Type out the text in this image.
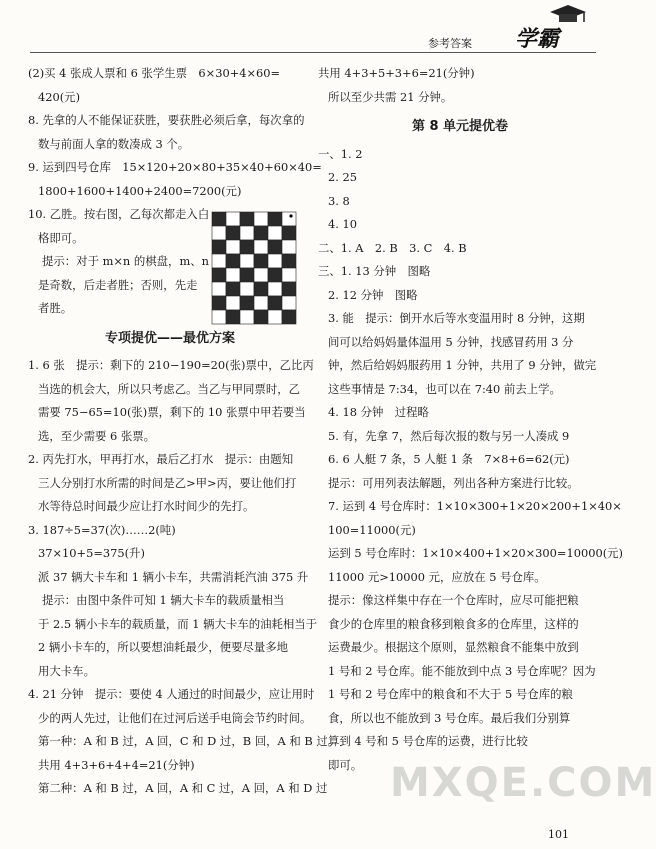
参考答案 学霸

(2)买 4 张成人票和 6 张学生票　6×30+4×60=

420(元)

8. 先拿的人不能保证获胜，要获胜必须后拿，每次拿的

数与前面人拿的数凑成 3 个。

9. 运到四号仓库　15×120+20×80+35×40+60×40=

1800+1600+1400+2400=7200(元)

10. 乙胜。按右图，乙每次都走入白

格即可。

提示：对于 m×n 的棋盘，m、n

是奇数，后走者胜；否则，先走

者胜。

专项提优——最优方案

1. 6 张　提示：剩下的 210−190=20(张)票中，乙比丙

当选的机会大，所以只考虑乙。当乙与甲同票时，乙

需要 75−65=10(张)票，剩下的 10 张票中甲若要当

选，至少需要 6 张票。

2. 丙先打水，甲再打水，最后乙打水　提示：由题知

三人分别打水所需的时间是乙>甲>丙，要让他们打

水等待总时间最少应让打水时间少的先打。

3. 187÷5=37(次)……2(吨)

37×10+5=375(升)

派 37 辆大卡车和 1 辆小卡车，共需消耗汽油 375 升

提示：由图中条件可知 1 辆大卡车的载质量相当

于 2.5 辆小卡车的载质量，而 1 辆大卡车的油耗相当于

2 辆小卡车的，所以要想油耗最少，便要尽量多地

用大卡车。

4. 21 分钟　提示：要使 4 人通过的时间最少，应让用时

少的两人先过，让他们在过河后送手电筒会节约时间。

第一种：A 和 B 过，A 回，C 和 D 过，B 回，A 和 B 过。

共用 4+3+6+4+4=21(分钟)

第二种：A 和 B 过，A 回，A 和 C 过，A 回，A 和 D 过

共用 4+3+5+3+6=21(分钟)

所以至少共需 21 分钟。

第 8 单元提优卷

一、1. 2

2. 25

3. 8

4. 10

二、1. A　2. B　3. C　4. B

三、1. 13 分钟　图略

2. 12 分钟　图略

3. 能　提示：倒开水后等水变温用时 8 分钟，这期

间可以给妈妈量体温用 5 分钟，找感冒药用 3 分

钟，然后给妈妈服药用 1 分钟，共用了 9 分钟，做完

这些事情是 7:34，也可以在 7:40 前去上学。

4. 18 分钟　过程略

5. 有，先拿 7，然后每次报的数与另一人凑成 9

6. 6 人艇 7 条，5 人艇 1 条　7×8+6=62(元)

提示：可用列表法解题，列出各种方案进行比较。

7. 运到 4 号仓库时：1×10×300+1×20×200+1×40×

100=11000(元)

运到 5 号仓库时：1×10×400+1×20×300=10000(元)

11000 元>10000 元，应放在 5 号仓库。

提示：像这样集中存在一个仓库时，应尽可能把粮

食少的仓库里的粮食移到粮食多的仓库里，这样的

运费最少。根据这个原则，显然粮食不能集中放到

1 号和 2 号仓库。能不能放到中点 3 号仓库呢？因为

1 号和 2 号仓库中的粮食和不大于 5 号仓库的粮

食，所以也不能放到 3 号仓库。最后我们分别算

算到 4 号和 5 号仓库的运费，进行比较

即可。 MXQE.COM
101
